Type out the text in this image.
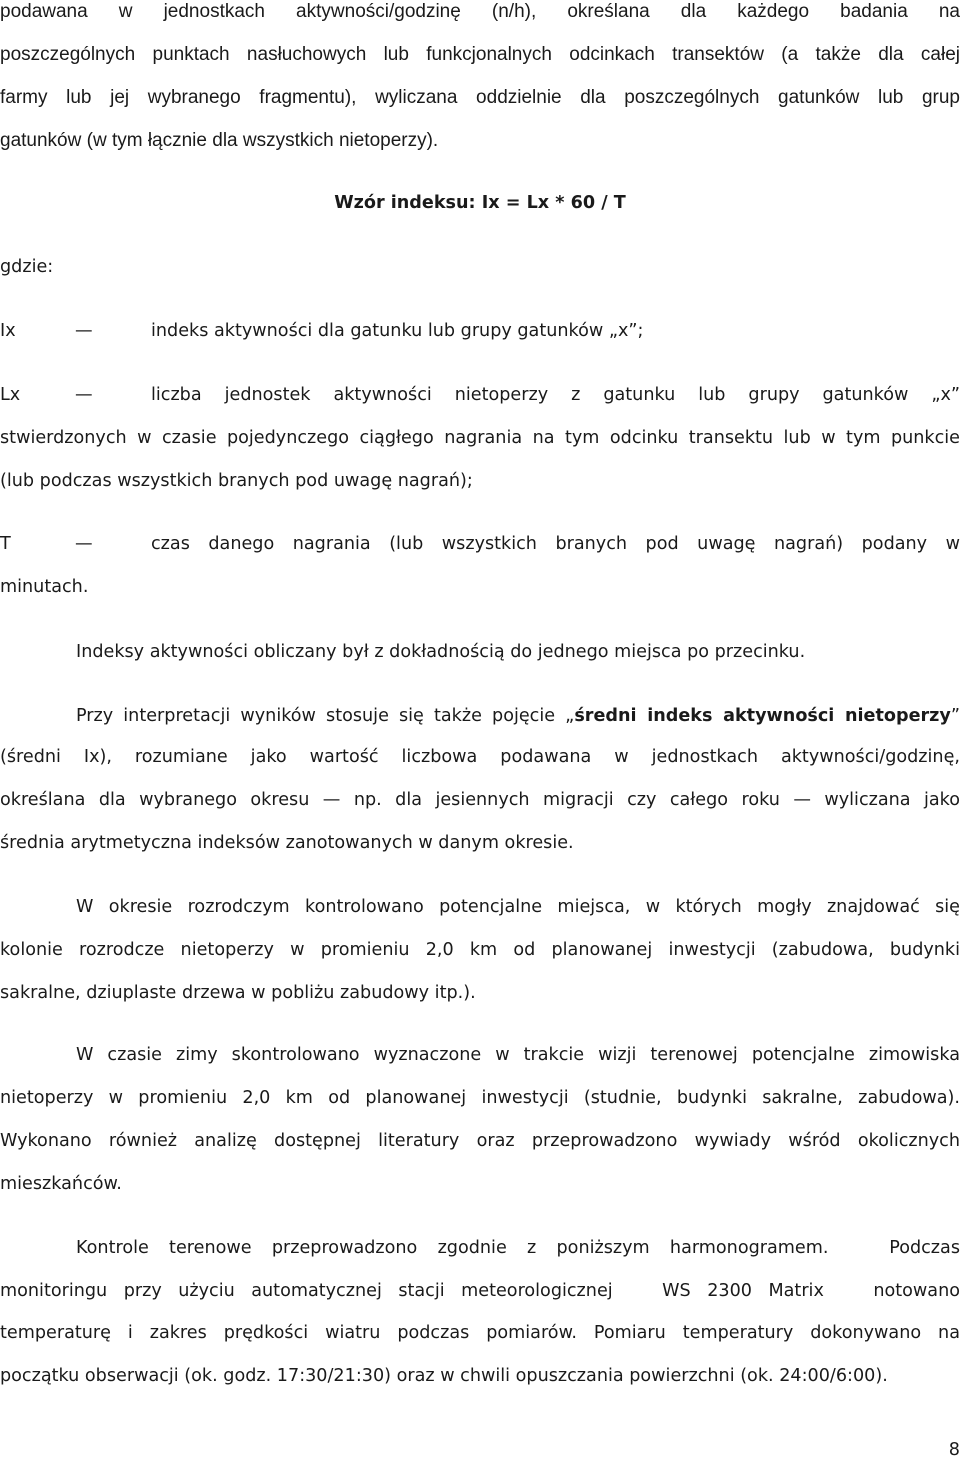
podawana w jednostkach aktywności/godzinę (n/h), określana dla każdego badania na
poszczególnych punktach nasłuchowych lub funkcjonalnych odcinkach transektów (a także dla całej
farmy lub jej wybranego fragmentu), wyliczana oddzielnie dla poszczególnych gatunków lub grup
gatunków (w tym łącznie dla wszystkich nietoperzy).
Wzór indeksu: Ix = Lx * 60 / T
gdzie:
Ix	—	indeks aktywności dla gatunku lub grupy gatunków „x”;
Lx	—	liczba jednostek aktywności nietoperzy z gatunku lub grupy gatunków „x”
stwierdzonych w czasie pojedynczego ciągłego nagrania na tym odcinku transektu lub w tym punkcie
(lub podczas wszystkich branych pod uwagę nagrań);
T	—	czas danego nagrania (lub wszystkich branych pod uwagę nagrań) podany w
minutach.
Indeksy aktywności obliczany był z dokładnością do jednego miejsca po przecinku.
Przy interpretacji wyników stosuje się także pojęcie „średni indeks aktywności nietoperzy”
(średni Ix), rozumiane jako wartość liczbowa podawana w jednostkach aktywności/godzinę,
określana dla wybranego okresu — np. dla jesiennych migracji czy całego roku — wyliczana jako
średnia arytmetyczna indeksów zanotowanych w danym okresie.
W okresie rozrodczym kontrolowano potencjalne miejsca, w których mogły znajdować się
kolonie rozrodcze nietoperzy w promieniu 2,0 km od planowanej inwestycji (zabudowa, budynki
sakralne, dziuplaste drzewa w pobliżu zabudowy itp.).
W czasie zimy skontrolowano wyznaczone w trakcie wizji terenowej potencjalne zimowiska
nietoperzy w promieniu 2,0 km od planowanej inwestycji (studnie, budynki sakralne, zabudowa).
Wykonano również analizę dostępnej literatury oraz przeprowadzono wywiady wśród okolicznych
mieszkańców.
Kontrole terenowe przeprowadzono zgodnie z poniższym harmonogramem.   Podczas
monitoringu przy użyciu automatycznej stacji meteorologicznej   WS 2300 Matrix   notowano
temperaturę i zakres prędkości wiatru podczas pomiarów. Pomiaru temperatury dokonywano na
początku obserwacji (ok. godz. 17:30/21:30) oraz w chwili opuszczania powierzchni (ok. 24:00/6:00).
8
